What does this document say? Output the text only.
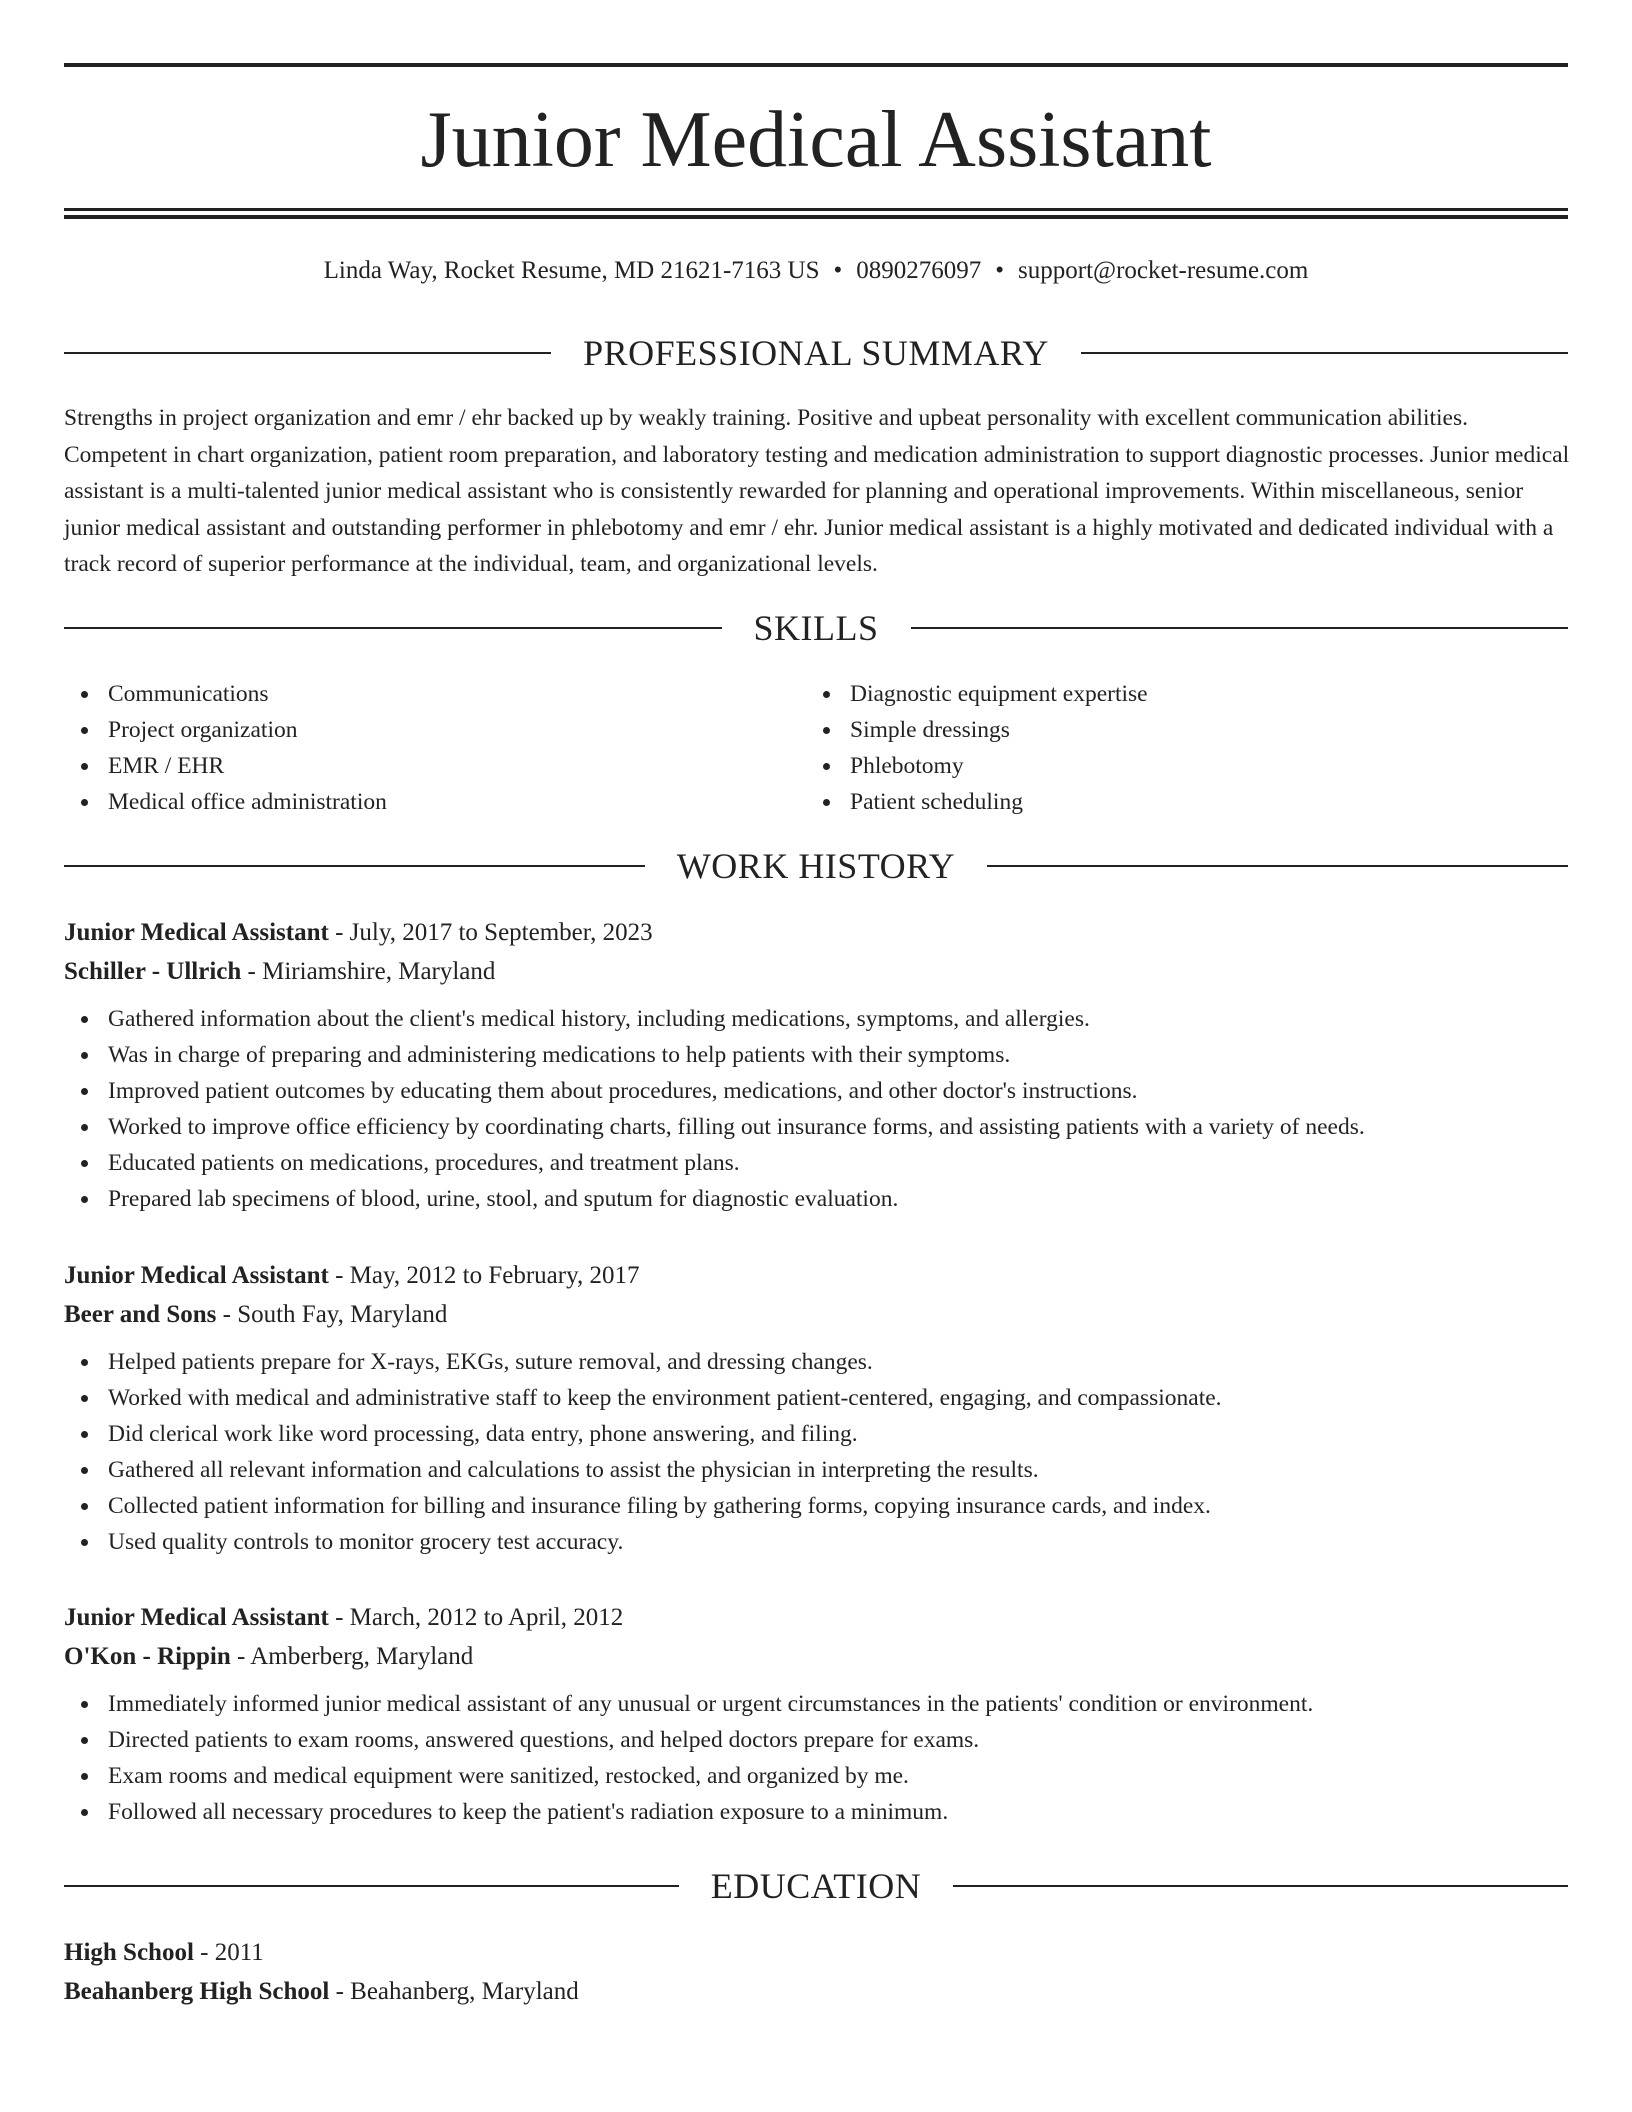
Junior Medical Assistant
Linda Way, Rocket Resume, MD 21621-7163 US • 0890276097 • support@rocket-resume.com
PROFESSIONAL SUMMARY
Strengths in project organization and emr / ehr backed up by weakly training. Positive and upbeat personality with excellent communication abilities. Competent in chart organization, patient room preparation, and laboratory testing and medication administration to support diagnostic processes. Junior medical assistant is a multi-talented junior medical assistant who is consistently rewarded for planning and operational improvements. Within miscellaneous, senior junior medical assistant and outstanding performer in phlebotomy and emr / ehr. Junior medical assistant is a highly motivated and dedicated individual with a track record of superior performance at the individual, team, and organizational levels.
SKILLS
Communications
Project organization
EMR / EHR
Medical office administration
Diagnostic equipment expertise
Simple dressings
Phlebotomy
Patient scheduling
WORK HISTORY
Junior Medical Assistant - July, 2017 to September, 2023
Schiller - Ullrich - Miriamshire, Maryland
Gathered information about the client's medical history, including medications, symptoms, and allergies.
Was in charge of preparing and administering medications to help patients with their symptoms.
Improved patient outcomes by educating them about procedures, medications, and other doctor's instructions.
Worked to improve office efficiency by coordinating charts, filling out insurance forms, and assisting patients with a variety of needs.
Educated patients on medications, procedures, and treatment plans.
Prepared lab specimens of blood, urine, stool, and sputum for diagnostic evaluation.
Junior Medical Assistant - May, 2012 to February, 2017
Beer and Sons - South Fay, Maryland
Helped patients prepare for X-rays, EKGs, suture removal, and dressing changes.
Worked with medical and administrative staff to keep the environment patient-centered, engaging, and compassionate.
Did clerical work like word processing, data entry, phone answering, and filing.
Gathered all relevant information and calculations to assist the physician in interpreting the results.
Collected patient information for billing and insurance filing by gathering forms, copying insurance cards, and index.
Used quality controls to monitor grocery test accuracy.
Junior Medical Assistant - March, 2012 to April, 2012
O'Kon - Rippin - Amberberg, Maryland
Immediately informed junior medical assistant of any unusual or urgent circumstances in the patients' condition or environment.
Directed patients to exam rooms, answered questions, and helped doctors prepare for exams.
Exam rooms and medical equipment were sanitized, restocked, and organized by me.
Followed all necessary procedures to keep the patient's radiation exposure to a minimum.
EDUCATION
High School - 2011
Beahanberg High School - Beahanberg, Maryland
